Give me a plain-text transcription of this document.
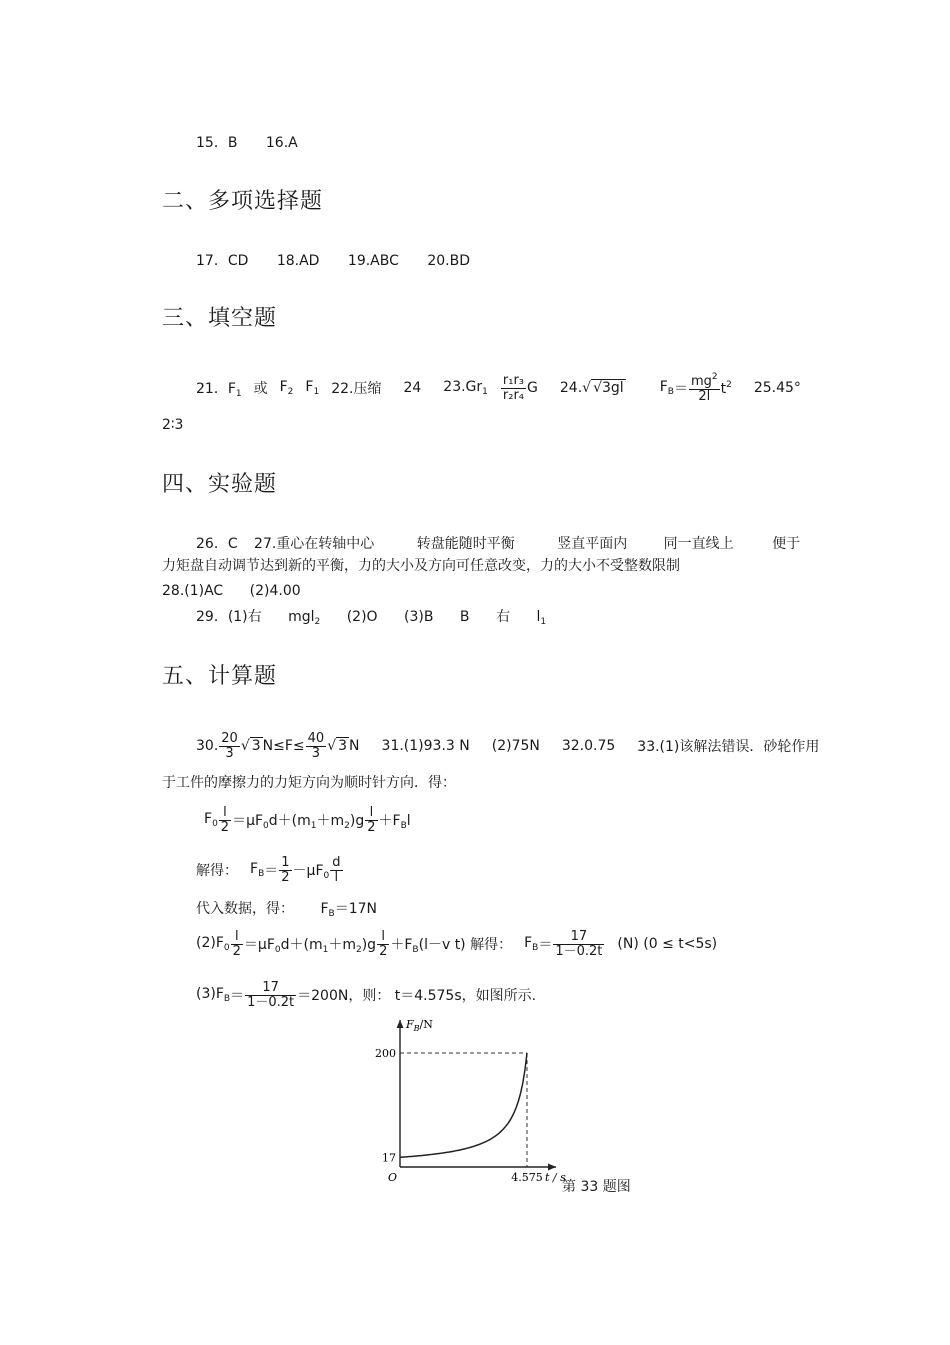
15．B 16.A
二、多项选择题
17．CD 18.AD 19.ABC 20.BD
三、填空题
21．$F_1$ 或 $F_2$ $F_1$ 22.压缩 24 $23.Gr_1 \frac{\text{r₁r₃}}{\text{r₂r₄}}$ G 24. √ √3gl	$F_B = \frac{mg^2}{2l} t^2$ 25.45°
2∶3
四、实验题
26．C 27.重心在转轴中心	转盘能随时平衡	竖直平面内	同一直线上	便于
力矩盘自动调节达到新的平衡，力的大小及方向可任意改变，力的大小不受整数限制
28.(1)AC (2)4.00
29．(1)右 mgl$_2$ (2)O (3)B B 右 $l_1$
五、计算题
30. $\frac{20}{3}$ √ 3 $N\le F\le \frac{40}{3}$ √ 3 N 31.(1)93.3 N (2)75N 32.0.75 33.(1)该解法错误．砂轮作用
于工件的摩擦力的力矩方向为顺时针方向．得：
$F_0 \frac{l}{2} =\mu F_0d+(m_1+m_2)g \frac{l}{2} +F_Bl$
解得： $F_B = \frac{1}{2} -\mu F_0 \frac{d}{l}$
代入数据，得： $F_B=17N$
$(2)F_0 \frac{l}{2} =\mu F_0d+(m_1+m_2)g \frac{l}{2} +F_B(l-v$ t) 解得： $F_B = \frac{17}{1-0.2t} (N) (0 \le t<5s)$
$(3)F_B = \frac{17}{1-0.2t} =200N$，则： t＝4.575s，如图所示.
200
17
O	4.575 t / s
$F_B/N$
第 33 题图
